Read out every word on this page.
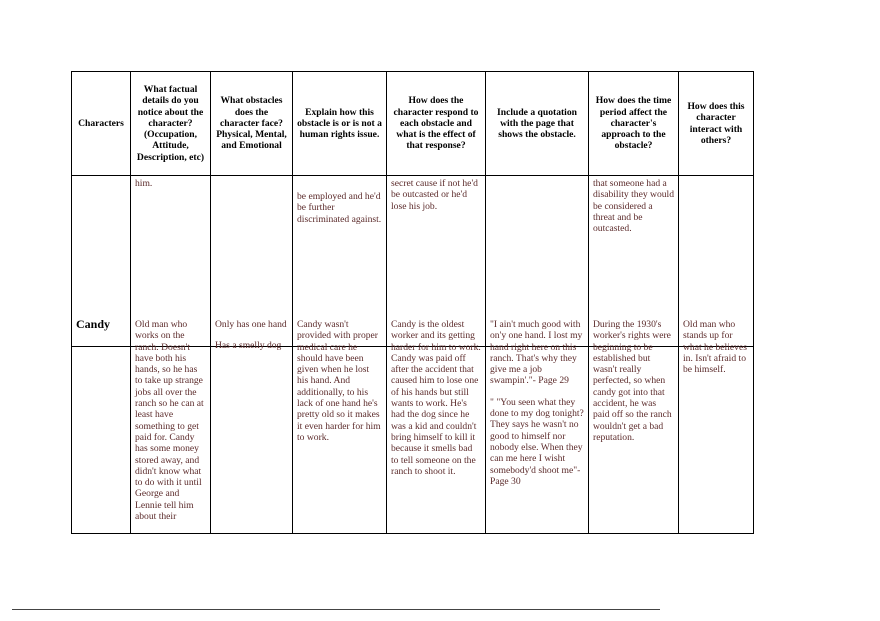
Characters
What factual details do you notice about the character? (Occupation, Attitude, Description, etc)
What obstacles does the character face? Physical, Mental, and Emotional
Explain how this obstacle is or is not a human rights issue.
How does the character respond to each obstacle and what is the effect of that response?
Include a quotation with the page that shows the obstacle.
How does the time period affect the character's approach to the obstacle?
How does this character interact with others?
him.
be employed and he'd be further discriminated against.
secret cause if not he'd be outcasted or he'd lose his job.
that someone had a disability they would be considered a threat and be outcasted.
Candy	Old man who works on the ranch. Doesn't have both his hands, so he has to take up strange jobs all over the ranch so he can at least have something to get paid for. Candy has some money stored away, and didn't know what to do with it until George and Lennie tell him about their
Only has one hand
Has a smelly dog
Candy wasn't provided with proper medical care he should have been given when he lost his hand. And additionally, to his lack of one hand he's pretty old so it makes it even harder for him to work.
Candy is the oldest worker and its getting harder for him to work. Candy was paid off after the accident that caused him to lose one of his hands but still wants to work. He's had the dog since he was a kid and couldn't bring himself to kill it because it smells bad to tell someone on the ranch to shoot it.
"I ain't much good with on'y one hand. I lost my hand right here on this ranch. That's why they give me a job swampin'."- Page 29
" "You seen what they done to my dog tonight? They says he wasn't no good to himself nor nobody else. When they can me here I wisht somebody'd shoot me"- Page 30
During the 1930's worker's rights were beginning to be established but wasn't really perfected, so when candy got into that accident, he was paid off so the ranch wouldn't get a bad reputation.
Old man who stands up for what he believes in. Isn't afraid to be himself.
